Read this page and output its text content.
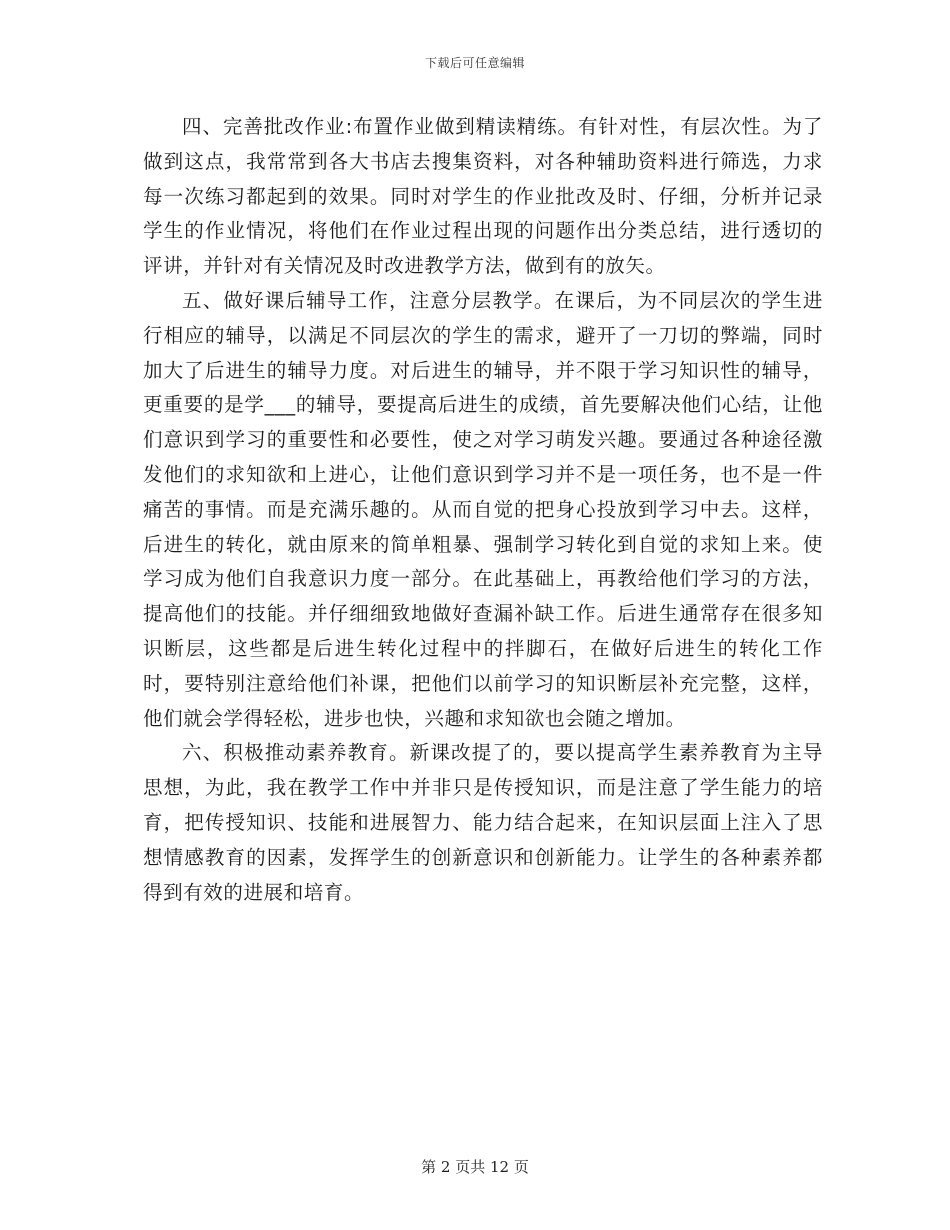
下载后可任意编辑

四、完善批改作业:布置作业做到精读精练。有针对性，有层次性。为了做到这点，我常常到各大书店去搜集资料，对各种辅助资料进行筛选，力求每一次练习都起到的效果。同时对学生的作业批改及时、仔细，分析并记录学生的作业情况，将他们在作业过程出现的问题作出分类总结，进行透切的评讲，并针对有关情况及时改进教学方法，做到有的放矢。

五、做好课后辅导工作，注意分层教学。在课后，为不同层次的学生进行相应的辅导，以满足不同层次的学生的需求，避开了一刀切的弊端，同时加大了后进生的辅导力度。对后进生的辅导，并不限于学习知识性的辅导，更重要的是学___的辅导，要提高后进生的成绩，首先要解决他们心结，让他们意识到学习的重要性和必要性，使之对学习萌发兴趣。要通过各种途径激发他们的求知欲和上进心，让他们意识到学习并不是一项任务，也不是一件痛苦的事情。而是充满乐趣的。从而自觉的把身心投放到学习中去。这样，后进生的转化，就由原来的简单粗暴、强制学习转化到自觉的求知上来。使学习成为他们自我意识力度一部分。在此基础上，再教给他们学习的方法，提高他们的技能。并仔细细致地做好查漏补缺工作。后进生通常存在很多知识断层，这些都是后进生转化过程中的拌脚石，在做好后进生的转化工作时，要特别注意给他们补课，把他们以前学习的知识断层补充完整，这样，他们就会学得轻松，进步也快，兴趣和求知欲也会随之增加。

六、积极推动素养教育。新课改提了的，要以提高学生素养教育为主导思想，为此，我在教学工作中并非只是传授知识，而是注意了学生能力的培育，把传授知识、技能和进展智力、能力结合起来，在知识层面上注入了思想情感教育的因素，发挥学生的创新意识和创新能力。让学生的各种素养都得到有效的进展和培育。

第 2 页共 12 页
